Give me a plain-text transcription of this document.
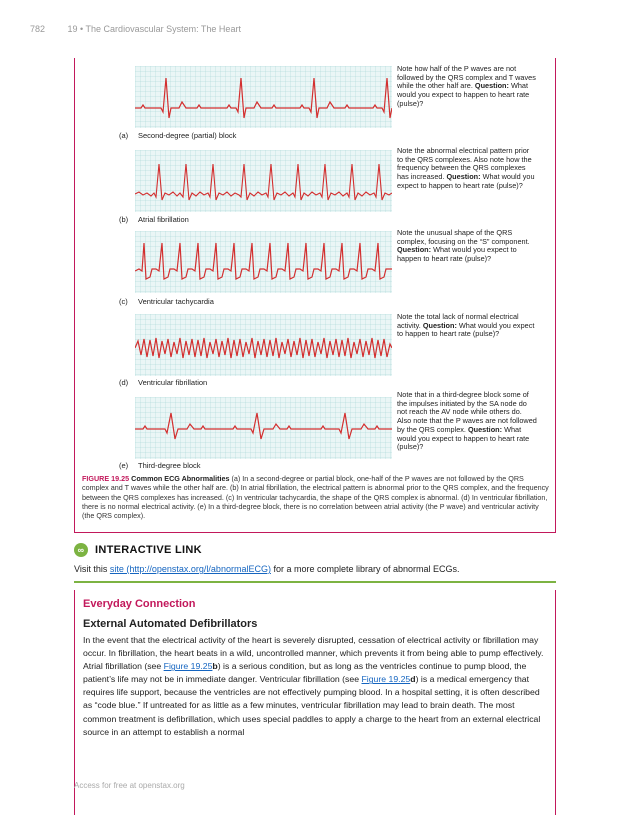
782	19 • The Cardiovascular System: The Heart
(a) Second-degree (partial) block
Note how half of the P waves are not followed by the QRS complex and T waves while the other half are. Question: What would you expect to happen to heart rate (pulse)?
(b) Atrial fibrillation
Note the abnormal electrical pattern prior to the QRS complexes. Also note how the frequency between the QRS complexes has increased. Question: What would you expect to happen to heart rate (pulse)?
(c) Ventricular tachycardia
Note the unusual shape of the QRS complex, focusing on the “S” component. Question: What would you expect to happen to heart rate (pulse)?
(d) Ventricular fibrillation
Note the total lack of normal electrical activity. Question: What would you expect to happen to heart rate (pulse)?
(e) Third-degree block
Note that in a third-degree block some of the impulses initiated by the SA node do not reach the AV node while others do. Also note that the P waves are not followed by the QRS complex. Question: What would you expect to happen to heart rate (pulse)?
FIGURE 19.25 Common ECG Abnormalities (a) In a second-degree or partial block, one-half of the P waves are not followed by the QRS complex and T waves while the other half are. (b) In atrial fibrillation, the electrical pattern is abnormal prior to the QRS complex, and the frequency between the QRS complexes has increased. (c) In ventricular tachycardia, the shape of the QRS complex is abnormal. (d) In ventricular fibrillation, there is no normal electrical activity. (e) In a third-degree block, there is no correlation between atrial activity (the P wave) and ventricular activity (the QRS complex).
∞ INTERACTIVE LINK
Visit this site (http://openstax.org/l/abnormalECG) for a more complete library of abnormal ECGs.
Everyday Connection
External Automated Defibrillators
In the event that the electrical activity of the heart is severely disrupted, cessation of electrical activity or fibrillation may occur. In fibrillation, the heart beats in a wild, uncontrolled manner, which prevents it from being able to pump effectively. Atrial fibrillation (see Figure 19.25b) is a serious condition, but as long as the ventricles continue to pump blood, the patient’s life may not be in immediate danger. Ventricular fibrillation (see Figure 19.25d) is a medical emergency that requires life support, because the ventricles are not effectively pumping blood. In a hospital setting, it is often described as “code blue.” If untreated for as little as a few minutes, ventricular fibrillation may lead to brain death. The most common treatment is defibrillation, which uses special paddles to apply a charge to the heart from an external electrical source in an attempt to establish a normal
Access for free at openstax.org
